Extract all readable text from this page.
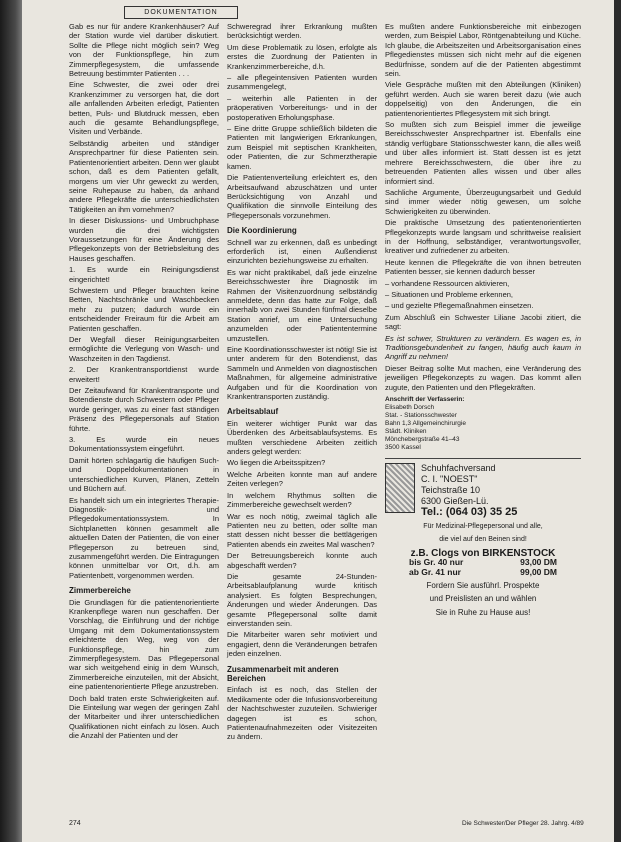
DOKUMENTATION

Gab es nur für andere Krankenhäuser? Auf der Station wurde viel darüber diskutiert. Sollte die Pflege nicht möglich sein? Weg von der Funktionspflege, hin zum Zimmerpflegesystem, die umfassende Betreuung bestimmter Patienten . . .

Eine Schwester, die zwei oder drei Krankenzimmer zu versorgen hat, die dort alle anfallenden Arbeiten erledigt, Patienten betten, Puls- und Blutdruck messen, eben auch die gesamte Behandlungspflege, Visiten und Verbände.

Selbständig arbeiten und ständiger Ansprechpartner für diese Patienten sein. Patientenorientiert arbeiten. Denn wer glaubt schon, daß es dem Patienten gefällt, morgens um vier Uhr geweckt zu werden, seine Ruhepause zu haben, da anhand andere Pflegekräfte die unterschiedlichsten Tätigkeiten an ihm vornehmen?

In dieser Diskussions- und Umbruchphase wurden die drei wichtigsten Voraussetzungen für eine Änderung des Pflegekonzepts von der Betriebsleitung des Hauses geschaffen.

1. Es wurde ein Reinigungsdienst eingerichtet!

Schwestern und Pfleger brauchten keine Betten, Nachtschränke und Waschbecken mehr zu putzen; dadurch wurde ein entscheidender Freiraum für die Arbeit am Patienten geschaffen.

Der Wegfall dieser Reinigungsarbeiten ermöglichte die Verlegung von Wasch- und Waschzeiten in den Tagdienst.

2. Der Krankentransportdienst wurde erweitert!

Der Zeitaufwand für Krankentransporte und Botendienste durch Schwestern oder Pfleger wurde geringer, was zu einer fast ständigen Präsenz des Pflegepersonals auf Station führte.

3. Es wurde ein neues Dokumentationssystem eingeführt.

Damit hörten schlagartig die häufigen Such- und Doppeldokumentationen in unterschiedlichen Kurven, Plänen, Zetteln und Büchern auf.

Es handelt sich um ein integriertes Therapie-Diagnostik- und Pflegedokumentationssystem. In Sichtplanetten können gesammelt alle aktuellen Daten der Patienten, die von einer Pflegeperson zu betreuen sind, zusammengeführt werden. Die Eintragungen können unmittelbar vor Ort, d.h. am Patientenbett, vorgenommen werden.

Zimmerbereiche

Die Grundlagen für die patientenorientierte Krankenpflege waren nun geschaffen. Der Vorschlag, die Einführung und der richtige Umgang mit dem Dokumentationssystem erleichterte den Weg, weg von der Funktionspflege, hin zum Zimmerpflegesystem. Das Pflegepersonal war sich weitgehend einig in dem Wunsch, Zimmerbereiche einzuteilen, mit der Absicht, eine patientenorientierte Pflege anzustreben.

Doch bald traten erste Schwierigkeiten auf. Die Einteilung war wegen der geringen Zahl der Mitarbeiter und ihrer unterschiedlichen Qualifikationen nicht einfach zu lösen. Auch die Anzahl der Patienten und der

Schweregrad ihrer Erkrankung mußten berücksichtigt werden.

Um diese Problematik zu lösen, erfolgte als erstes die Zuordnung der Patienten in Krankenzimmerbereiche, d.h.

– alle pflegeintensiven Patienten wurden zusammengelegt,

– weiterhin alle Patienten in der präoperativen Vorbereitungs- und in der postoperativen Erholungsphase.

– Eine dritte Gruppe schließlich bildeten die Patienten mit langwierigen Erkrankungen, zum Beispiel mit septischen Krankheiten, oder Patienten, die zur Schmerztherapie kamen.

Die Patientenverteilung erleichtert es, den Arbeitsaufwand abzuschätzen und unter Berücksichtigung von Anzahl und Qualifikation die sinnvolle Einteilung des Pflegepersonals vorzunehmen.

Die Koordinierung

Schnell war zu erkennen, daß es unbedingt erforderlich ist, einen Außendienst einzurichten beziehungsweise zu erhalten.

Es war nicht praktikabel, daß jede einzelne Bereichsschwester ihre Diagnostik im Rahmen der Visitenzuordnung selbständig anmeldete, denn das hatte zur Folge, daß innerhalb von zwei Stunden fünfmal dieselbe Station anrief, um eine Untersuchung anzumelden oder Patiententermine umzustellen.

Eine Koordinationsschwester ist nötig! Sie ist unter anderem für den Botendienst, das Sammeln und Anmelden von diagnostischen Maßnahmen, für allgemeine administrative Aufgaben und für die Koordination von Krankentransporten zuständig.

Arbeitsablauf

Ein weiterer wichtiger Punkt war das Überdenken des Arbeitsablaufsystems. Es mußten verschiedene Arbeiten zeitlich anders gelegt werden:

Wo liegen die Arbeitsspitzen?

Welche Arbeiten konnte man auf andere Zeiten verlegen?

In welchem Rhythmus sollten die Zimmerbereiche gewechselt werden?

War es noch nötig, zweimal täglich alle Patienten neu zu betten, oder sollte man statt dessen nicht besser die bettlägerigen Patienten abends ein zweites Mal waschen?

Der Betreuungsbereich konnte auch abgeschafft werden?

Die gesamte 24-Stunden-Arbeitsablaufplanung wurde kritisch analysiert. Es folgten Besprechungen, Änderungen und wieder Änderungen. Das gesamte Pflegepersonal sollte damit einverstanden sein.

Die Mitarbeiter waren sehr motiviert und engagiert, denn die Veränderungen betrafen jeden einzelnen.

Zusammenarbeit mit anderen Bereichen

Einfach ist es noch, das Stellen der Medikamente oder die Infusionsvorbereitung der Nachtschwester zuzuteilen. Schwieriger dagegen ist es schon, Patientenaufnahmezeiten oder Visitezeiten zu ändern.

Es mußten andere Funktionsbereiche mit einbezogen werden, zum Beispiel Labor, Röntgenabteilung und Küche. Ich glaube, die Arbeitszeiten und Arbeitsorganisation eines Pflegedienstes müssen sich nicht mehr auf die eigenen Bedürfnisse, sondern auf die der Patienten abgestimmt sein.

Viele Gespräche mußten mit den Abteilungen (Kliniken) geführt werden. Auch sie waren bereit dazu (wie auch doppelseitig) von den Änderungen, die ein patientenorientiertes Pflegesystem mit sich bringt.

So mußten sich zum Beispiel immer die jeweilige Bereichsschwester Ansprechpartner ist. Ebenfalls eine ständig verfügbare Stationsschwester kann, die alles weiß und über alles informiert ist. Statt dessen ist es jetzt mehrere Bereichsschwestern, die über ihre zu betreuenden Patienten alles wissen und über alles informiert sind.

Sachliche Argumente, Überzeugungsarbeit und Geduld sind immer wieder nötig gewesen, um solche Schwierigkeiten zu überwinden.

Die praktische Umsetzung des patientenorientierten Pflegekonzepts wurde langsam und schrittweise realisiert in der Hoffnung, selbständiger, verantwortungsvoller, kreativer und zufriedener zu arbeiten.

Heute kennen die Pflegekräfte die von ihnen betreuten Patienten besser, sie kennen dadurch besser

– vorhandene Ressourcen aktivieren,

– Situationen und Probleme erkennen,

– und gezielte Pflegemaßnahmen einsetzen.

Zum Abschluß ein Schwester Liliane Jacobi zitiert, die sagt:

Es ist schwer, Strukturen zu verändern. Es wagen es, in Traditionsgebundenheit zu fangen, häufig auch kaum in Angriff zu nehmen!

Dieser Beitrag sollte Mut machen, eine Veränderung des jeweiligen Pflegekonzepts zu wagen. Das kommt allen zugute, den Patienten und den Pflegekräften.

Anschrift der Verfasserin:
Elisabeth Dorsch
Stat. - Stationsschwester
Bahn 1,3 Allgemeinchirurgie
Städt. Kliniken
Mönchebergstraße 41–43
3500 Kassel
Schuhfachversand
C. I. "NOEST"
Teichstraße 10
6300 Gießen-Lü.
Tel.: (064 03) 35 25
Für Medizinal-Pflegepersonal und alle,
die viel auf den Beinen sind!
z.B. Clogs von BIRKENSTOCK
bis Gr. 40 nur	93,00 DM
ab Gr. 41 nur	99,00 DM
Fordern Sie ausführl. Prospekte
und Preislisten an und wählen
Sie in Ruhe zu Hause aus!
274	Die Schwester/Der Pfleger 28. Jahrg. 4/89
